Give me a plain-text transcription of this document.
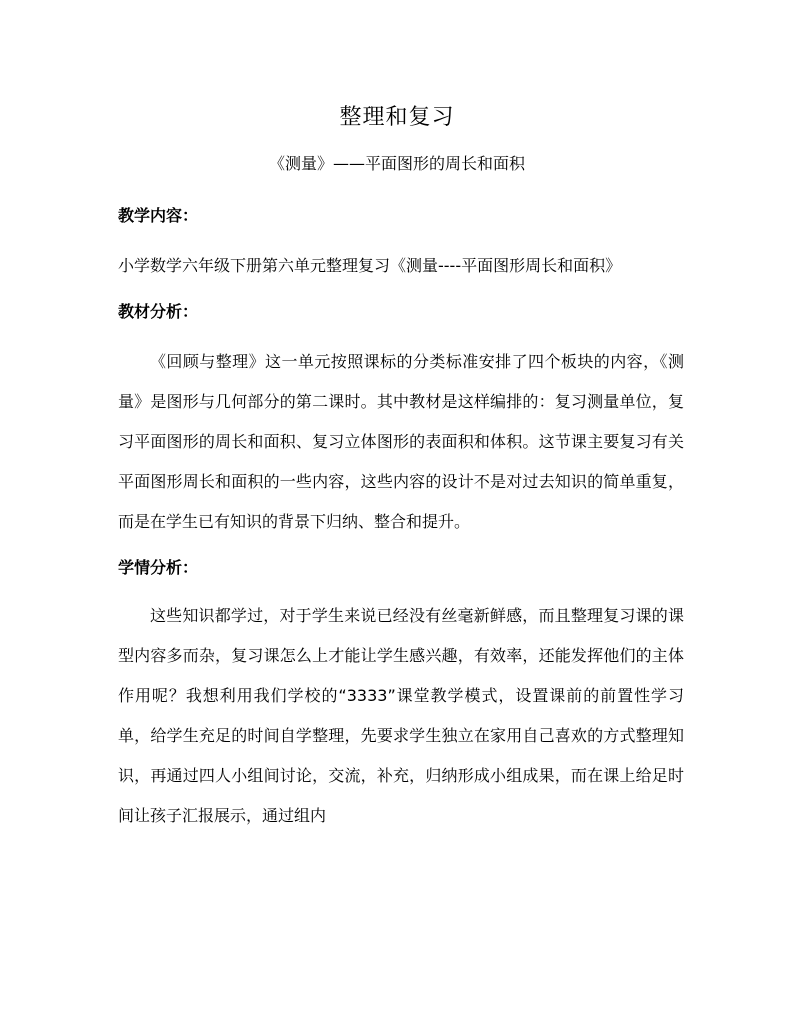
整理和复习
《测量》——平面图形的周长和面积

教学内容：

小学数学六年级下册第六单元整理复习《测量----平面图形周长和面积》

教材分析：

《回顾与整理》这一单元按照课标的分类标准安排了四个板块的内容，《测量》是图形与几何部分的第二课时。其中教材是这样编排的：复习测量单位，复习平面图形的周长和面积、复习立体图形的表面积和体积。这节课主要复习有关平面图形周长和面积的一些内容，这些内容的设计不是对过去知识的简单重复，而是在学生已有知识的背景下归纳、整合和提升。

学情分析：

这些知识都学过，对于学生来说已经没有丝毫新鲜感，而且整理复习课的课型内容多而杂，复习课怎么上才能让学生感兴趣，有效率，还能发挥他们的主体作用呢？我想利用我们学校的“3333”课堂教学模式，设置课前的前置性学习单，给学生充足的时间自学整理，先要求学生独立在家用自己喜欢的方式整理知识，再通过四人小组间讨论，交流，补充，归纳形成小组成果，而在课上给足时间让孩子汇报展示，通过组内
